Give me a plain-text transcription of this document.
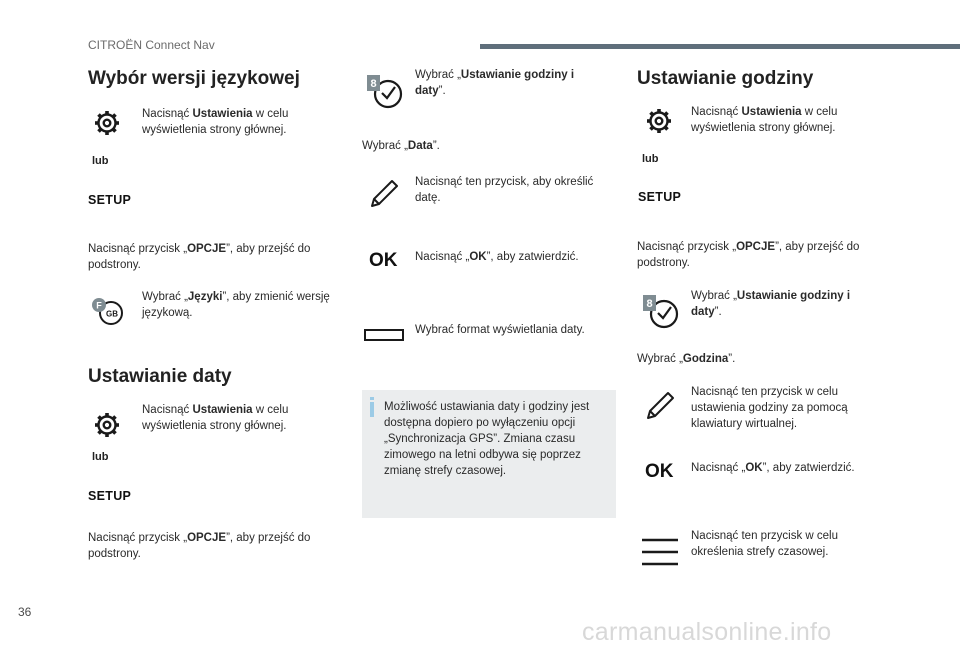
CITROËN Connect Nav
Wybór wersji językowej
Nacisnąć Ustawienia w celu wyświetlenia strony głównej.
lub
SETUP
Nacisnąć przycisk „OPCJE”, aby przejść do podstrony.
F
GB
Wybrać „Języki”, aby zmienić wersję językową.
Ustawianie daty
Nacisnąć Ustawienia w celu wyświetlenia strony głównej.
lub
SETUP
Nacisnąć przycisk „OPCJE”, aby przejść do podstrony.
8
Wybrać „Ustawianie godziny i daty”.
Wybrać „Data”.
Nacisnąć ten przycisk, aby określić datę.
OK Nacisnąć „OK”, aby zatwierdzić.
Wybrać format wyświetlania daty.
Możliwość ustawiania daty i godziny jest dostępna dopiero po wyłączeniu opcji „Synchronizacja GPS”. Zmiana czasu zimowego na letni odbywa się poprzez zmianę strefy czasowej.
Ustawianie godziny
Nacisnąć Ustawienia w celu wyświetlenia strony głównej.
lub
SETUP
Nacisnąć przycisk „OPCJE”, aby przejść do podstrony.
8
Wybrać „Ustawianie godziny i daty”.
Wybrać „Godzina”.
Nacisnąć ten przycisk w celu ustawienia godziny za pomocą klawiatury wirtualnej.
OK Nacisnąć „OK”, aby zatwierdzić.
Nacisnąć ten przycisk w celu określenia strefy czasowej.
36
carmanualsonline.info
